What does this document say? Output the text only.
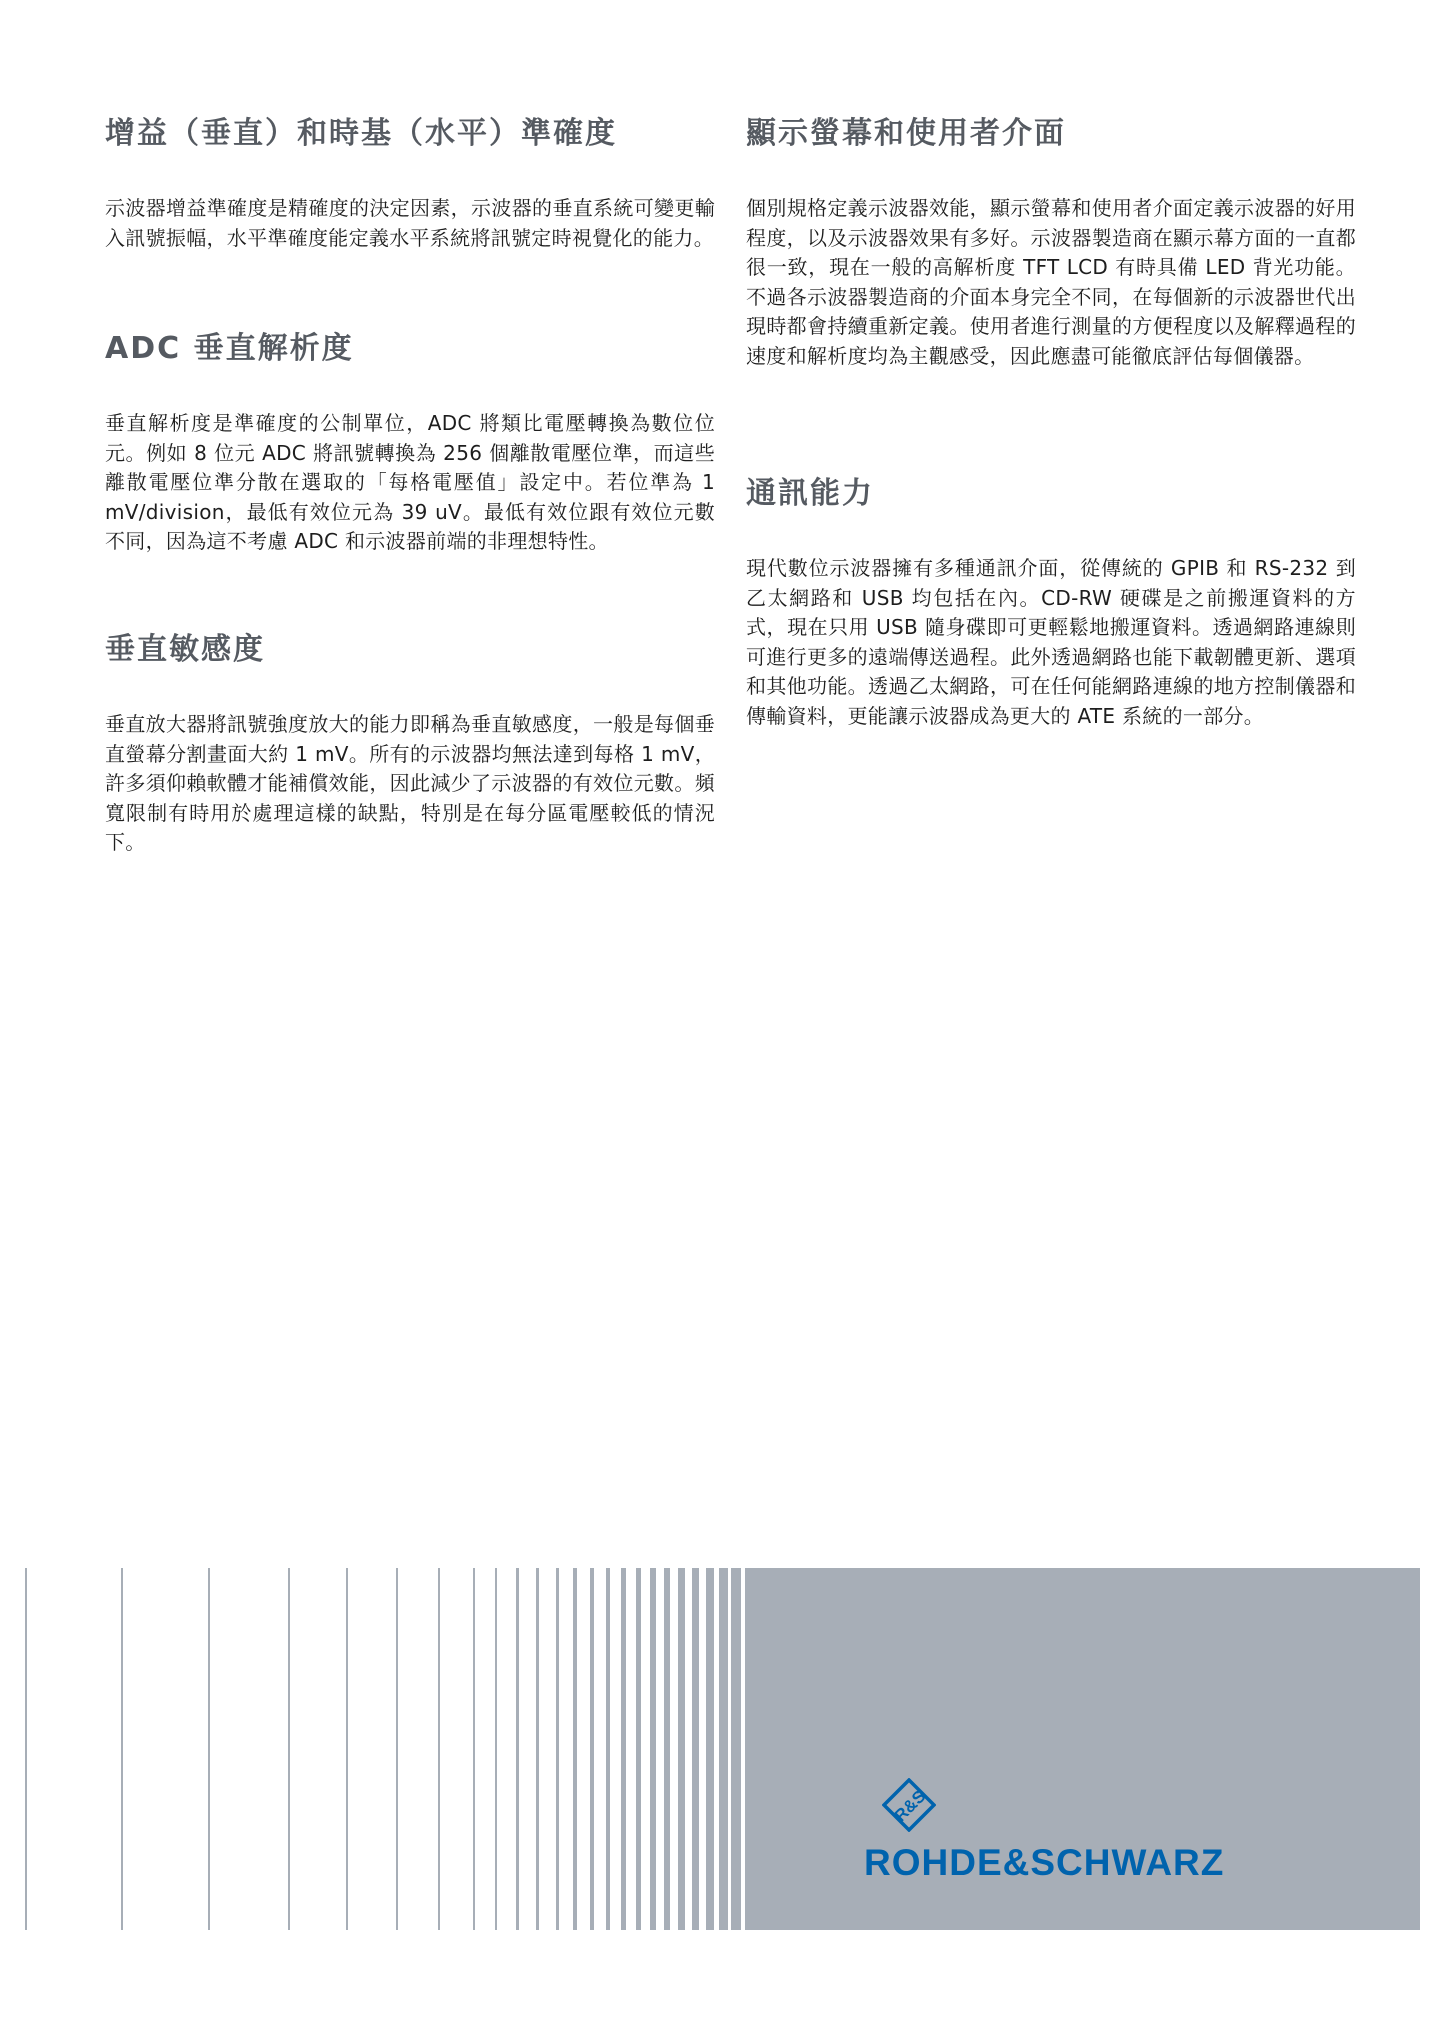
增益（垂直）和時基（水平）準確度

示波器增益準確度是精確度的決定因素，示波器的垂直系統可變更輸入訊號振幅，水平準確度能定義水平系統將訊號定時視覺化的能力。

ADC 垂直解析度

垂直解析度是準確度的公制單位，ADC 將類比電壓轉換為數位位元。例如 8 位元 ADC 將訊號轉換為 256 個離散電壓位準，而這些離散電壓位準分散在選取的「每格電壓值」設定中。若位準為 1 mV/division，最低有效位元為 39 uV。最低有效位跟有效位元數不同，因為這不考慮 ADC 和示波器前端的非理想特性。

垂直敏感度

垂直放大器將訊號強度放大的能力即稱為垂直敏感度，一般是每個垂直螢幕分割畫面大約 1 mV。所有的示波器均無法達到每格 1 mV，許多須仰賴軟體才能補償效能，因此減少了示波器的有效位元數。頻寬限制有時用於處理這樣的缺點，特別是在每分區電壓較低的情況下。

顯示螢幕和使用者介面

個別規格定義示波器效能，顯示螢幕和使用者介面定義示波器的好用程度，以及示波器效果有多好。示波器製造商在顯示幕方面的一直都很一致，現在一般的高解析度 TFT LCD 有時具備 LED 背光功能。不過各示波器製造商的介面本身完全不同，在每個新的示波器世代出現時都會持續重新定義。使用者進行測量的方便程度以及解釋過程的速度和解析度均為主觀感受，因此應盡可能徹底評估每個儀器。

通訊能力

現代數位示波器擁有多種通訊介面，從傳統的 GPIB 和 RS-232 到乙太網路和 USB 均包括在內。CD-RW 硬碟是之前搬運資料的方式，現在只用 USB 隨身碟即可更輕鬆地搬運資料。透過網路連線則可進行更多的遠端傳送過程。此外透過網路也能下載韌體更新、選項和其他功能。透過乙太網路，可在任何能網路連線的地方控制儀器和傳輸資料，更能讓示波器成為更大的 ATE 系統的一部分。

R&S
ROHDE&SCHWARZ
